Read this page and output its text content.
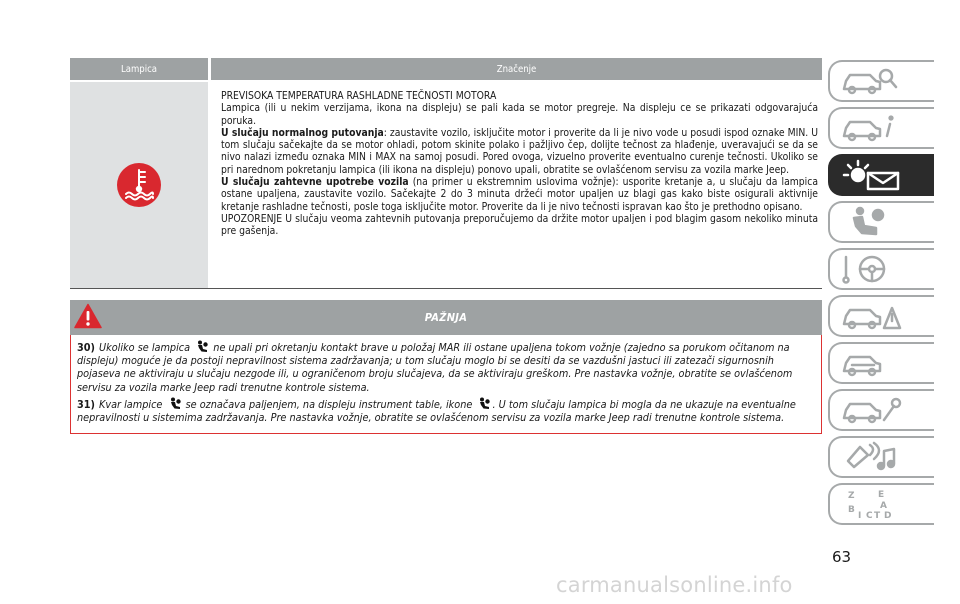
Lampica	Značenje

PREVISOKA TEMPERATURA RASHLADNE TEČNOSTI MOTORA

Lampica (ili u nekim verzijama, ikona na displeju) se pali kada se motor pregreje. Na displeju ce se prikazati odgovarajuća poruka.

U slučaju normalnog putovanja: zaustavite vozilo, isključite motor i proverite da li je nivo vode u posudi ispod oznake MIN. U tom slučaju sačekajte da se motor ohladi, potom skinite polako i pažljivo čep, dolijte tečnost za hlađenje, uveravajući se da se nivo nalazi između oznaka MIN i MAX na samoj posudi. Pored ovoga, vizuelno proverite eventualno curenje tečnosti. Ukoliko se pri narednom pokretanju lampica (ili ikona na displeju) ponovo upali, obratite se ovlašćenom servisu za vozila marke Jeep.

U slučaju zahtevne upotrebe vozila (na primer u ekstremnim uslovima vožnje): usporite kretanje a, u slučaju da lampica ostane upaljena, zaustavite vozilo. Sačekajte 2 do 3 minuta držeći motor upaljen uz blagi gas kako biste osigurali aktivnije kretanje rashladne tečnosti, posle toga isključite motor. Proverite da li je nivo tečnosti ispravan kao što je prethodno opisano.

UPOZORENJE U slučaju veoma zahtevnih putovanja preporučujemo da držite motor upaljen i pod blagim gasom nekoliko minuta pre gašenja.

PAŽNJA

30) Ukoliko se lampica ne upali pri okretanju kontakt brave u položaj MAR ili ostane upaljena tokom vožnje (zajedno sa porukom očitanom na displeju) moguće je da postoji nepravilnost sistema zadržavanja; u tom slučaju moglo bi se desiti da se vazdušni jastuci ili zatezači sigurnosnih pojaseva ne aktiviraju u slučaju nezgode ili, u ograničenom broju slučajeva, da se aktiviraju greškom. Pre nastavka vožnje, obratite se ovlašćenom servisu za vozila marke Jeep radi trenutne kontrole sistema.

31) Kvar lampice se označava paljenjem, na displeju instrument table, ikone . U tom slučaju lampica bi mogla da ne ukazuje na eventualne nepravilnosti u sistemima zadržavanja. Pre nastavka vožnje, obratite se ovlašćenom servisu za vozila marke Jeep radi trenutne kontrole sistema.

Z	E
B	A
I C T D
63
carmanualsonline.info
